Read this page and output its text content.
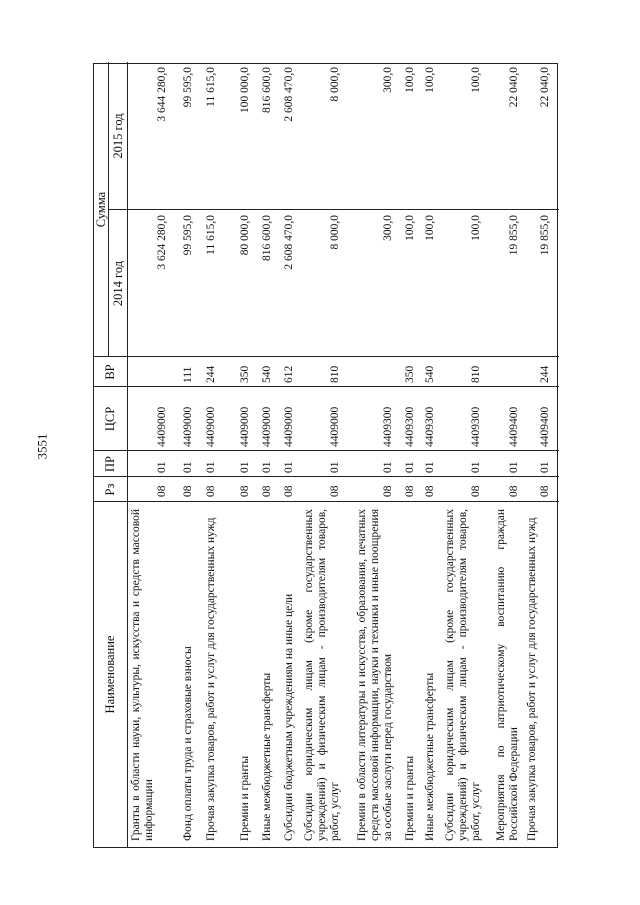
3551
Наименование
Рз
ПР
ЦСР
ВР
Сумма
2014 год
2015 год
Гранты в области науки, культуры, искусства и средств массовой информации
08
01
4409000
3 624 280,0
3 644 280,0
Фонд оплаты труда и страховые взносы
08
01
4409000
111
99 595,0
99 595,0
Прочая закупка товаров, работ и услуг для государственных нужд
08
01
4409000
244
11 615,0
11 615,0
Премии и гранты
08
01
4409000
350
80 000,0
100 000,0
Иные межбюджетные трансферты
08
01
4409000
540
816 600,0
816 600,0
Субсидии бюджетным учреждениям на иные цели
08
01
4409000
612
2 608 470,0
2 608 470,0
Субсидии юридическим лицам (кроме государственных учреждений) и физическим лицам - производителям товаров, работ, услуг
08
01
4409000
810
8 000,0
8 000,0
Премии в области литературы и искусства, образования, печатных средств массовой информации, науки и техники и иные поощрения за особые заслуги перед государством
08
01
4409300
300,0
300,0
Премии и гранты
08
01
4409300
350
100,0
100,0
Иные межбюджетные трансферты
08
01
4409300
540
100,0
100,0
Субсидии юридическим лицам (кроме государственных учреждений) и физическим лицам - производителям товаров, работ, услуг
08
01
4409300
810
100,0
100,0
Мероприятия по патриотическому воспитанию граждан Российской Федерации
08
01
4409400
19 855,0
22 040,0
Прочая закупка товаров, работ и услуг для государственных нужд
08
01
4409400
244
19 855,0
22 040,0
